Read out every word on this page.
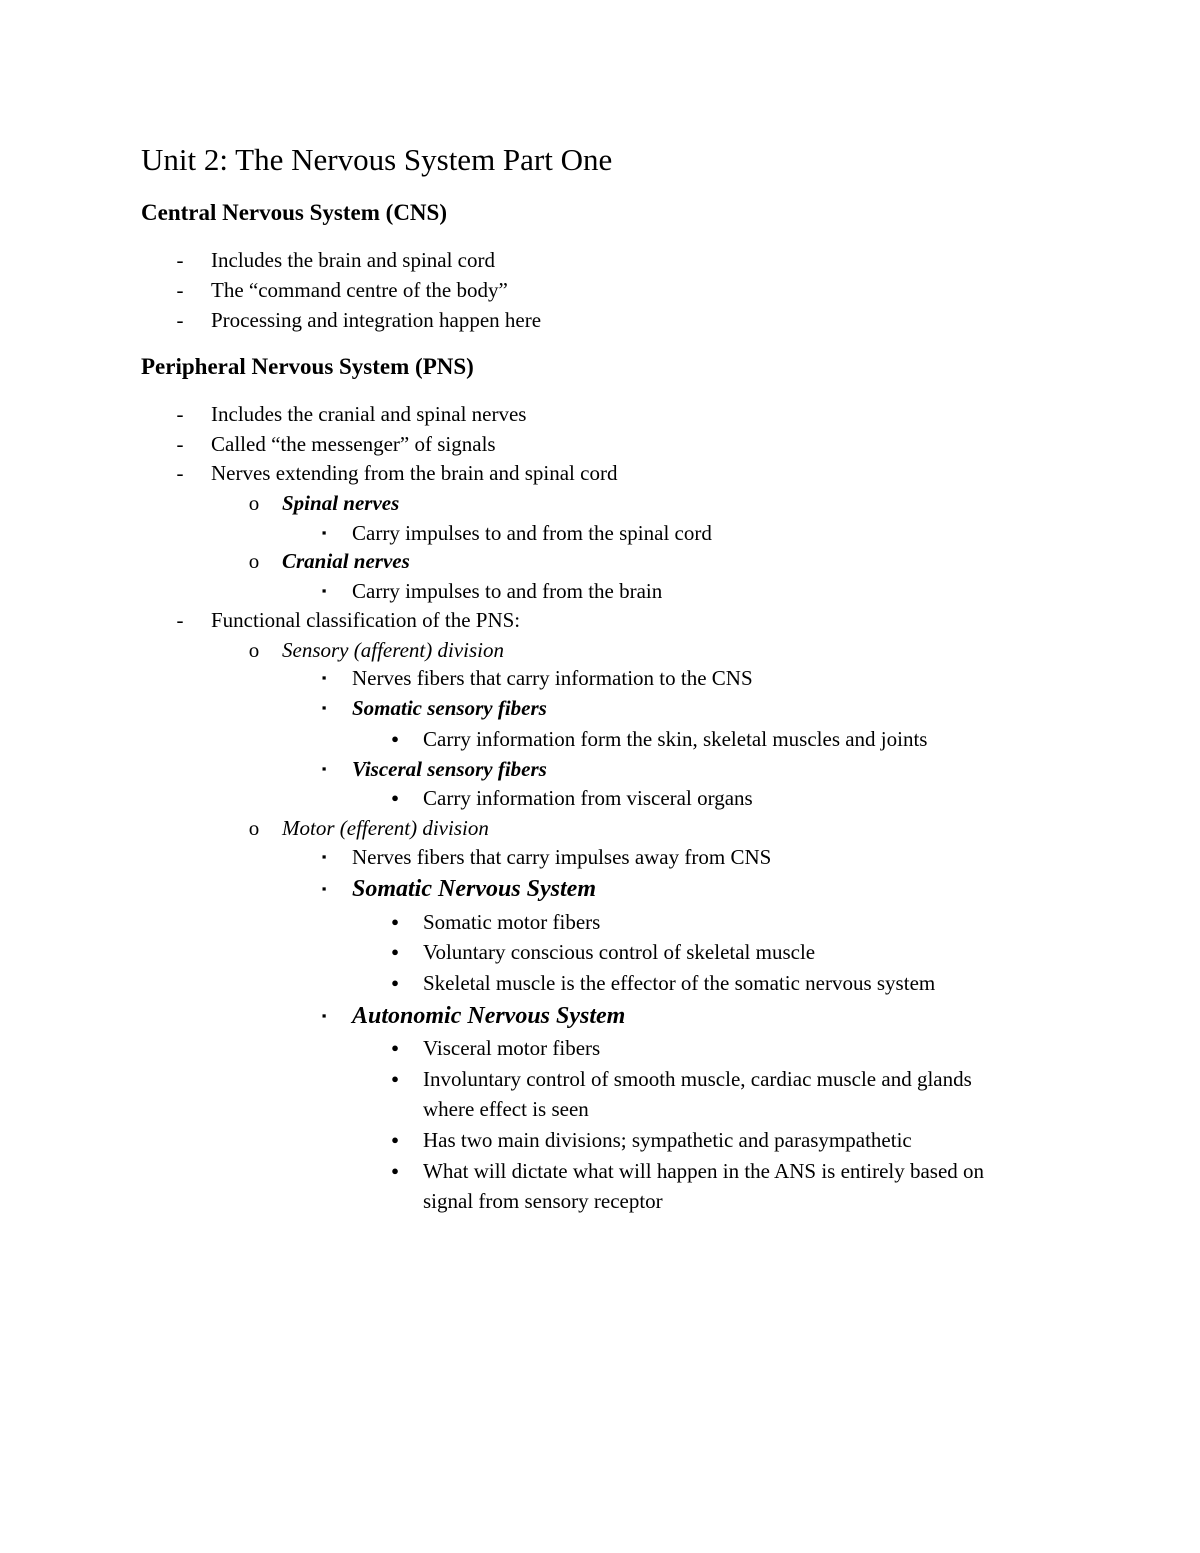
Unit 2: The Nervous System Part One
Central Nervous System (CNS)
-	Includes the brain and spinal cord
-	The “command centre of the body”
-	Processing and integration happen here
Peripheral Nervous System (PNS)
-	Includes the cranial and spinal nerves
-	Called “the messenger” of signals
-	Nerves extending from the brain and spinal cord
o Spinal nerves
▪	Carry impulses to and from the spinal cord
o Cranial nerves
▪	Carry impulses to and from the brain
-	Functional classification of the PNS:
o Sensory (afferent) division
▪	Nerves fibers that carry information to the CNS
▪	Somatic sensory fibers
● Carry information form the skin, skeletal muscles and joints
▪	Visceral sensory fibers
● Carry information from visceral organs
o Motor (efferent) division
▪	Nerves fibers that carry impulses away from CNS
▪	Somatic Nervous System
● Somatic motor fibers
● Voluntary conscious control of skeletal muscle
● Skeletal muscle is the effector of the somatic nervous system
▪	Autonomic Nervous System
● Visceral motor fibers
● Involuntary control of smooth muscle, cardiac muscle and glands
where effect is seen
● Has two main divisions; sympathetic and parasympathetic
● What will dictate what will happen in the ANS is entirely based on
signal from sensory receptor
